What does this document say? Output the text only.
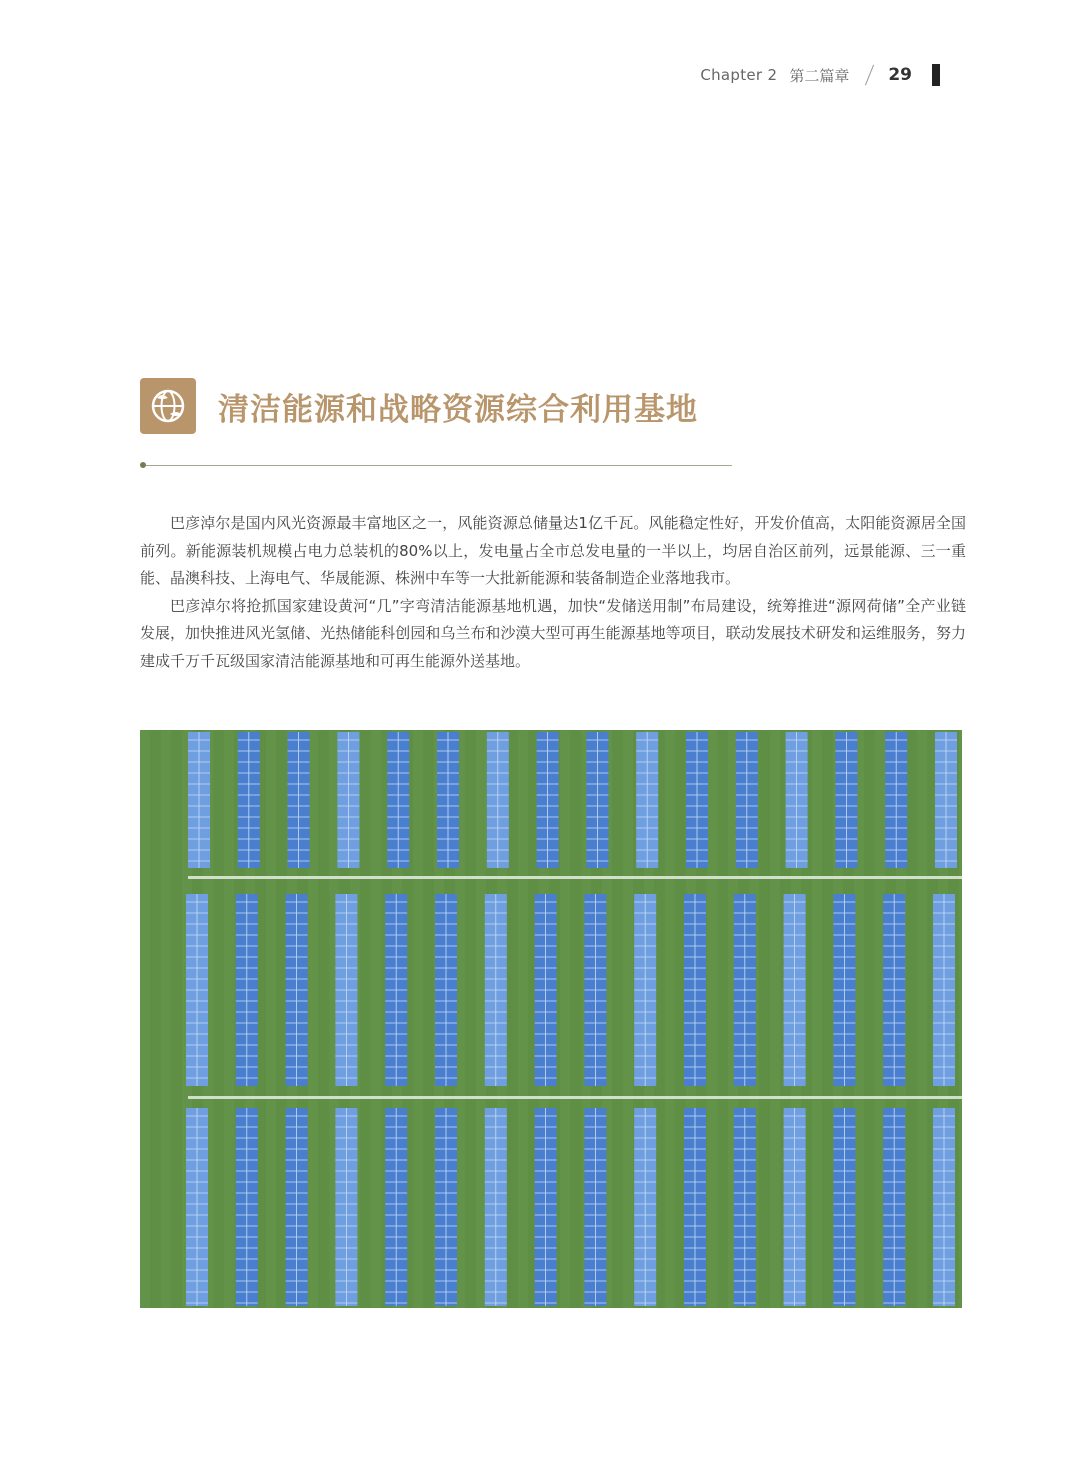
Chapter 2 第二篇章 29
清洁能源和战略资源综合利用基地

巴彦淖尔是国内风光资源最丰富地区之一，风能资源总储量达1亿千瓦。风能稳定性好，开发价值高，太阳能资源居全国前列。新能源装机规模占电力总装机的80%以上，发电量占全市总发电量的一半以上，均居自治区前列，远景能源、三一重能、晶澳科技、上海电气、华晟能源、株洲中车等一大批新能源和装备制造企业落地我市。

巴彦淖尔将抢抓国家建设黄河“几”字弯清洁能源基地机遇，加快“发储送用制”布局建设，统筹推进“源网荷储”全产业链发展，加快推进风光氢储、光热储能科创园和乌兰布和沙漠大型可再生能源基地等项目，联动发展技术研发和运维服务，努力建成千万千瓦级国家清洁能源基地和可再生能源外送基地。
